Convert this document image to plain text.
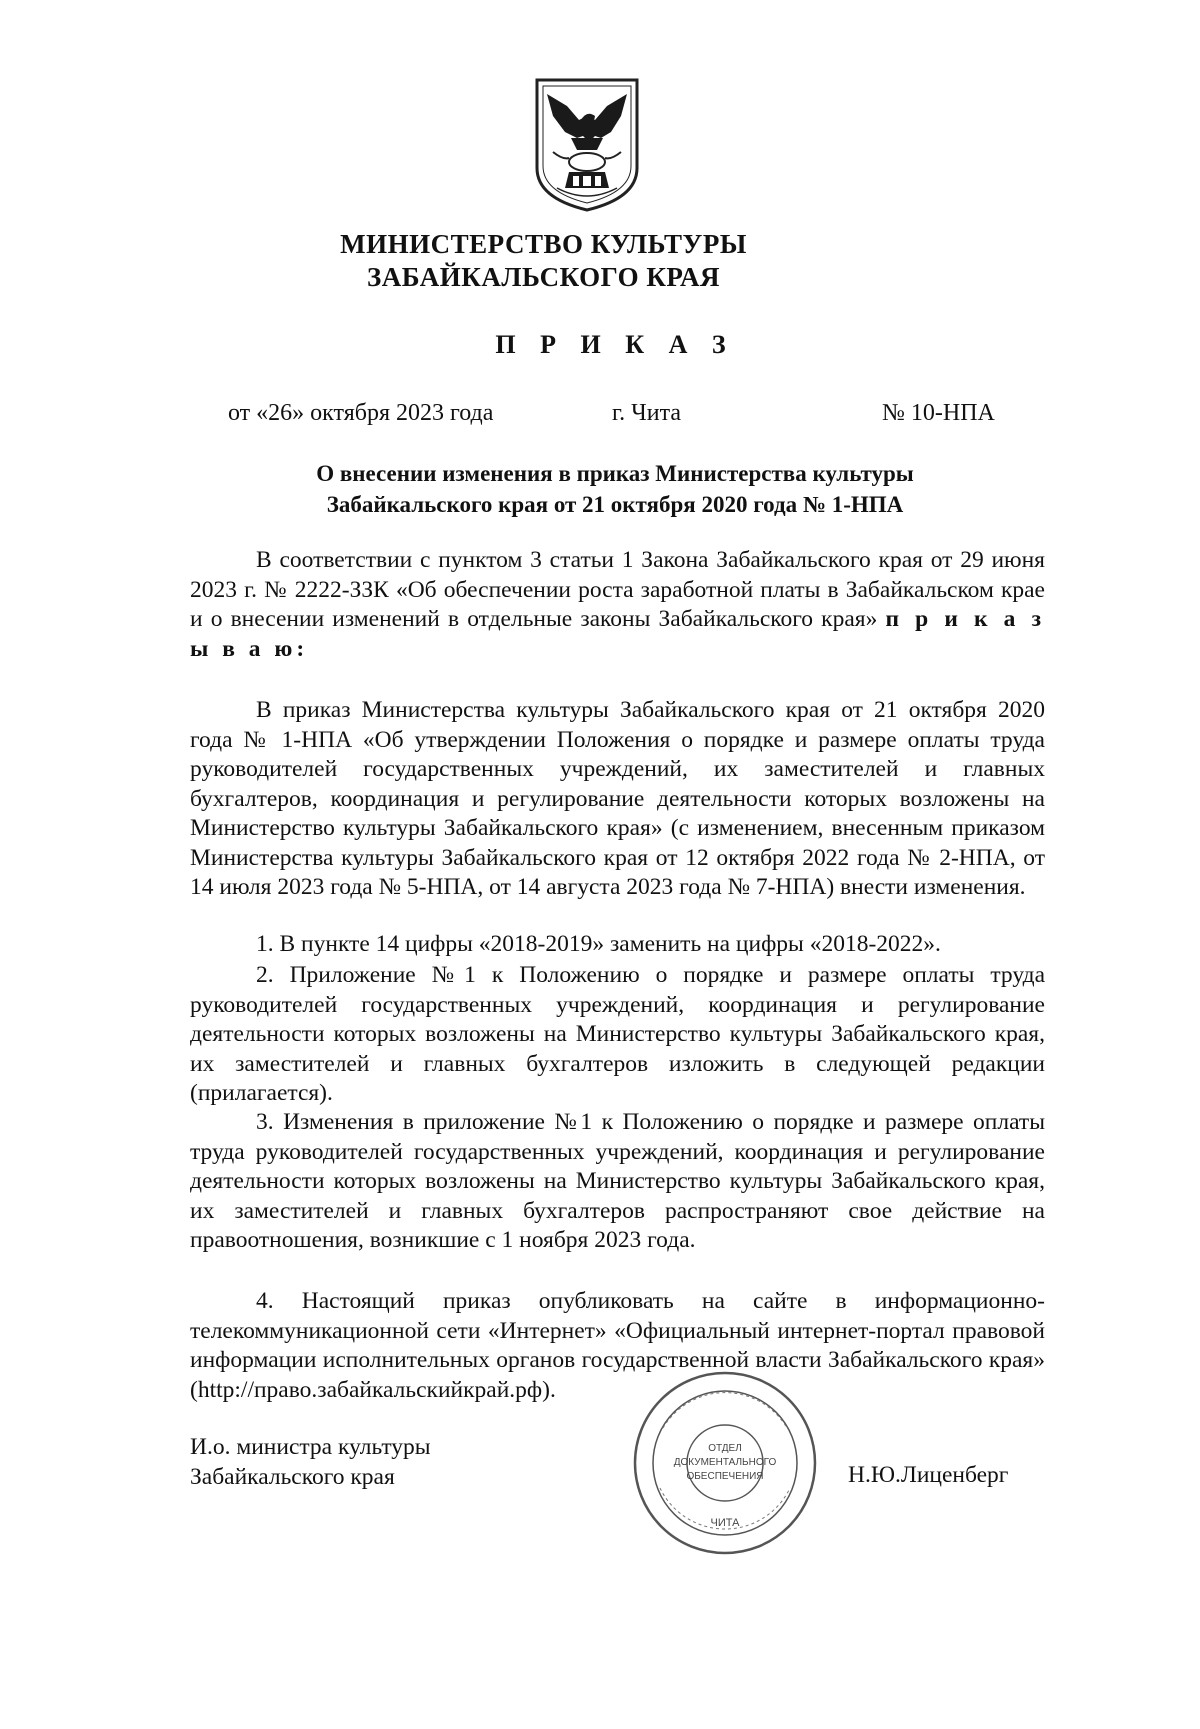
МИНИСТЕРСТВО КУЛЬТУРЫ
ЗАБАЙКАЛЬСКОГО КРАЯ
П Р И К А З
от «26» октября 2023 года	г. Чита	№ 10-НПА
О внесении изменения в приказ Министерства культуры
Забайкальского края от 21 октября 2020 года № 1-НПА

В соответствии с пунктом 3 статьи 1 Закона Забайкальского края от 29 июня 2023 г. № 2222-ЗЗК «Об обеспечении роста заработной платы в Забайкальском крае и о внесении изменений в отдельные законы Забайкальского края» п р и к а з ы в а ю:

В приказ Министерства культуры Забайкальского края от 21 октября 2020 года № 1-НПА «Об утверждении Положения о порядке и размере оплаты труда руководителей государственных учреждений, их заместителей и главных бухгалтеров, координация и регулирование деятельности которых возложены на Министерство культуры Забайкальского края» (с изменением, внесенным приказом Министерства культуры Забайкальского края от 12 октября 2022 года № 2-НПА, от 14 июля 2023 года № 5-НПА, от 14 августа 2023 года № 7-НПА) внести изменения.

1. В пункте 14 цифры «2018-2019» заменить на цифры «2018-2022».

2. Приложение №1 к Положению о порядке и размере оплаты труда руководителей государственных учреждений, координация и регулирование деятельности которых возложены на Министерство культуры Забайкальского края, их заместителей и главных бухгалтеров изложить в следующей редакции (прилагается).

3. Изменения в приложение №1 к Положению о порядке и размере оплаты труда руководителей государственных учреждений, координация и регулирование деятельности которых возложены на Министерство культуры Забайкальского края, их заместителей и главных бухгалтеров распространяют свое действие на правоотношения, возникшие с 1 ноября 2023 года.

4. Настоящий приказ опубликовать на сайте в информационно-телекоммуникационной сети «Интернет» «Официальный интернет-портал правовой информации исполнительных органов государственной власти Забайкальского края» (http://право.забайкальскийкрай.рф).

И.о. министра культуры
Забайкальского края	Н.Ю.Лиценберг
ОТДЕЛ
ДОКУМЕНТАЛЬНОГО
ОБЕСПЕЧЕНИЯ
ЧИТА
